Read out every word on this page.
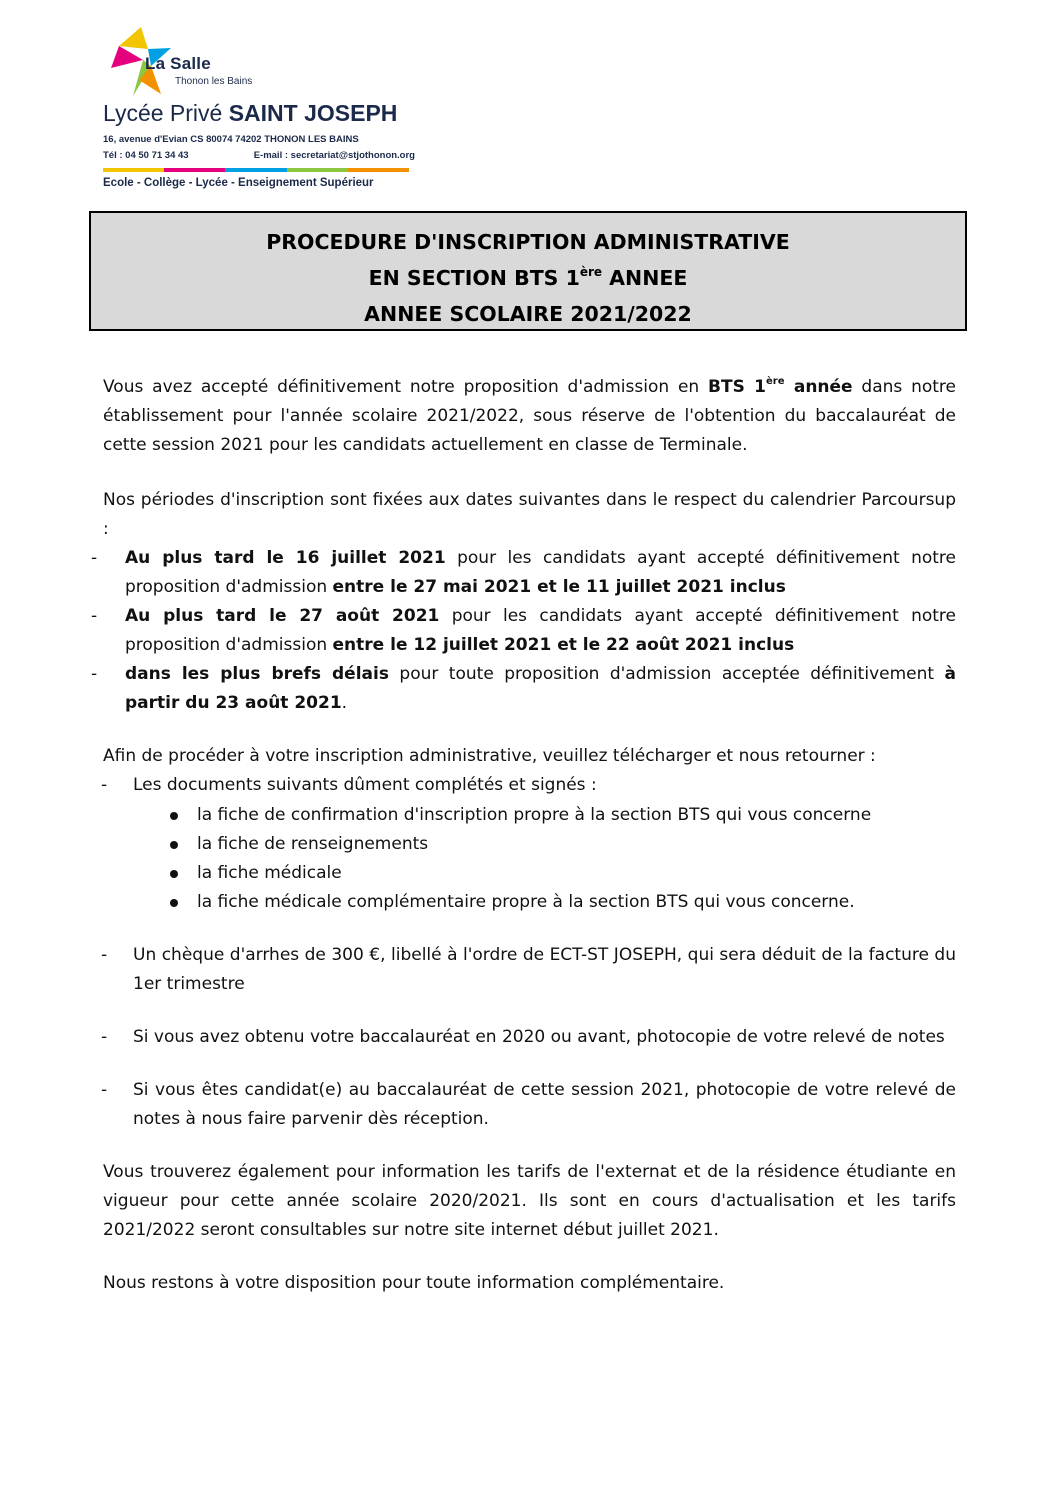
La Salle
Thonon les Bains
Lycée Privé SAINT JOSEPH
16, avenue d'Evian CS 80074 74202 THONON LES BAINS
Tél : 04 50 71 34 43	E-mail : secretariat@stjothonon.org
Ecole - Collège - Lycée - Enseignement Supérieur
PROCEDURE D'INSCRIPTION ADMINISTRATIVE
EN SECTION BTS 1ère ANNEE
ANNEE SCOLAIRE 2021/2022

Vous avez accepté définitivement notre proposition d'admission en BTS 1ère année dans notre établissement pour l'année scolaire 2021/2022, sous réserve de l'obtention du baccalauréat de cette session 2021 pour les candidats actuellement en classe de Terminale.

Nos périodes d'inscription sont fixées aux dates suivantes dans le respect du calendrier Parcoursup :

- Au plus tard le 16 juillet 2021 pour les candidats ayant accepté définitivement notre proposition d'admission entre le 27 mai 2021 et le 11 juillet 2021 inclus
- Au plus tard le 27 août 2021 pour les candidats ayant accepté définitivement notre proposition d'admission entre le 12 juillet 2021 et le 22 août 2021 inclus
- dans les plus brefs délais pour toute proposition d'admission acceptée définitivement à partir du 23 août 2021.

Afin de procéder à votre inscription administrative, veuillez télécharger et nous retourner :

- Les documents suivants dûment complétés et signés :
la fiche de confirmation d'inscription propre à la section BTS qui vous concerne
la fiche de renseignements
la fiche médicale
la fiche médicale complémentaire propre à la section BTS qui vous concerne.
- Un chèque d'arrhes de 300 €, libellé à l'ordre de ECT-ST JOSEPH, qui sera déduit de la facture du 1er trimestre
- Si vous avez obtenu votre baccalauréat en 2020 ou avant, photocopie de votre relevé de notes
- Si vous êtes candidat(e) au baccalauréat de cette session 2021, photocopie de votre relevé de notes à nous faire parvenir dès réception.

Vous trouverez également pour information les tarifs de l'externat et de la résidence étudiante en vigueur pour cette année scolaire 2020/2021. Ils sont en cours d'actualisation et les tarifs 2021/2022 seront consultables sur notre site internet début juillet 2021.

Nous restons à votre disposition pour toute information complémentaire.
